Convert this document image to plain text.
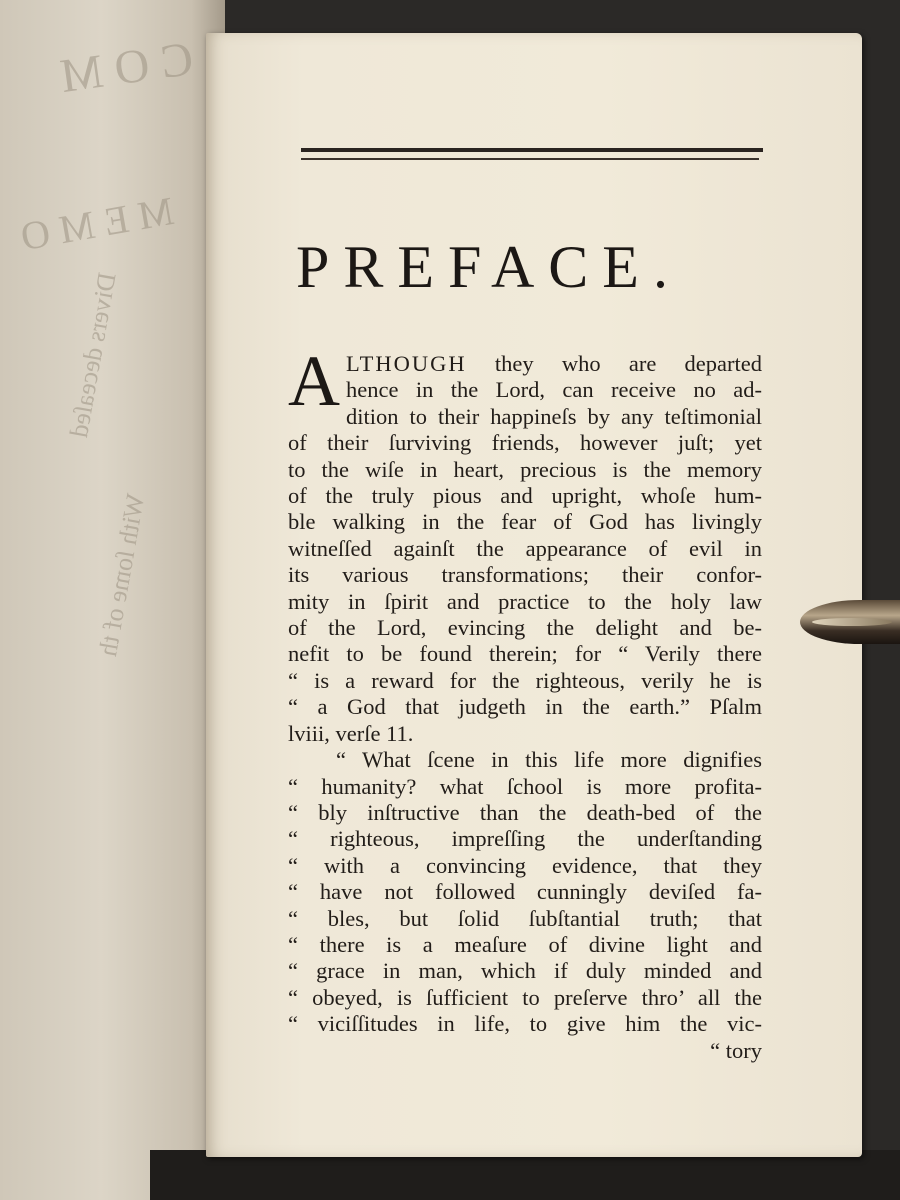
C O M
M E M O
Divers deceaſed
With ſome of th
PREFACE.
A LTHOUGH they who are departed
hence in the Lord, can receive no ad-
dition to their happineſs by any teſtimonial
of their ſurviving friends, however juſt; yet
to the wiſe in heart, precious is the memory
of the truly pious and upright, whoſe hum-
ble walking in the fear of God has livingly
witneſſed againſt the appearance of evil in
its various transformations; their confor-
mity in ſpirit and practice to the holy law
of the Lord, evincing the delight and be-
nefit to be found therein; for “ Verily there
“ is a reward for the righteous, verily he is
“ a God that judgeth in the earth.” Pſalm
lviii, verſe 11.
“ What ſcene in this life more dignifies
“ humanity? what ſchool is more profita-
“ bly inſtructive than the death-bed of the
“ righteous, impreſſing the underſtanding
“ with a convincing evidence, that they
“ have not followed cunningly deviſed fa-
“ bles, but ſolid ſubſtantial truth; that
“ there is a meaſure of divine light and
“ grace in man, which if duly minded and
“ obeyed, is ſufficient to preſerve thro’ all the
“ viciſſitudes in life, to give him the vic-
“ tory
